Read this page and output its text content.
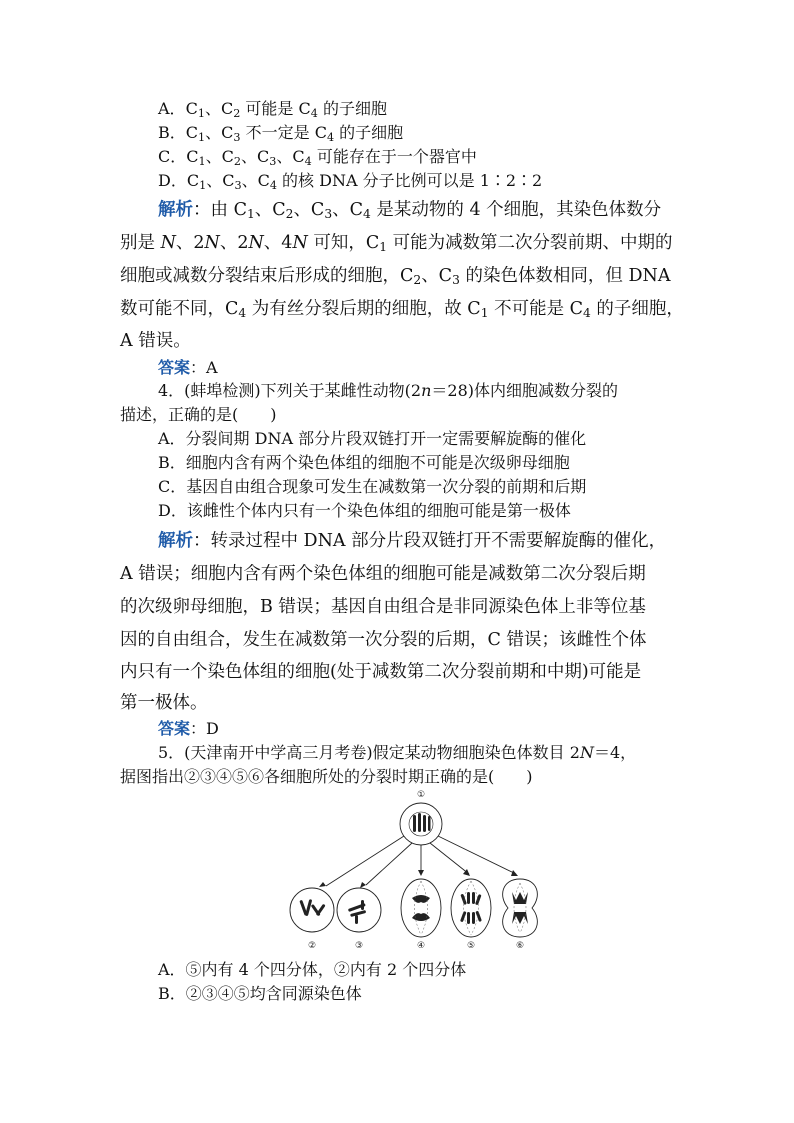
A．$C_1$、$C_2$ 可能是 $C_4$ 的子细胞
B．$C_1$、$C_3$ 不一定是 $C_4$ 的子细胞
C．$C_1$、$C_2$、$C_3$、$C_4$ 可能存在于一个器官中
D．$C_1$、$C_3$、$C_4$ 的核 DNA 分子比例可以是 1∶2∶2
解析：由 $C_1$、$C_2$、$C_3$、$C_4$ 是某动物的 4 个细胞，其染色体数分
别是 N、2N、2N、4N 可知，$C_1$ 可能为减数第二次分裂前期、中期的
细胞或减数分裂结束后形成的细胞，$C_2$、$C_3$ 的染色体数相同，但 DNA
数可能不同，$C_4$ 为有丝分裂后期的细胞，故 $C_1$ 不可能是 $C_4$ 的子细胞，
A 错误。
答案：A
4．(蚌埠检测)下列关于某雌性动物(2n＝28)体内细胞减数分裂的
描述，正确的是(　　)
A．分裂间期 DNA 部分片段双链打开一定需要解旋酶的催化
B．细胞内含有两个染色体组的细胞不可能是次级卵母细胞
C．基因自由组合现象可发生在减数第一次分裂的前期和后期
D．该雌性个体内只有一个染色体组的细胞可能是第一极体
解析：转录过程中 DNA 部分片段双链打开不需要解旋酶的催化，
A 错误；细胞内含有两个染色体组的细胞可能是减数第二次分裂后期
的次级卵母细胞，B 错误；基因自由组合是非同源染色体上非等位基
因的自由组合，发生在减数第一次分裂的后期，C 错误；该雌性个体
内只有一个染色体组的细胞(处于减数第二次分裂前期和中期)可能是
第一极体。
答案：D
5．(天津南开中学高三月考卷)假定某动物细胞染色体数目 2N＝4，
据图指出②③④⑤⑥各细胞所处的分裂时期正确的是(　　)
①
②	③	④	⑤	⑥
A．⑤内有 4 个四分体，②内有 2 个四分体
B．②③④⑤均含同源染色体
